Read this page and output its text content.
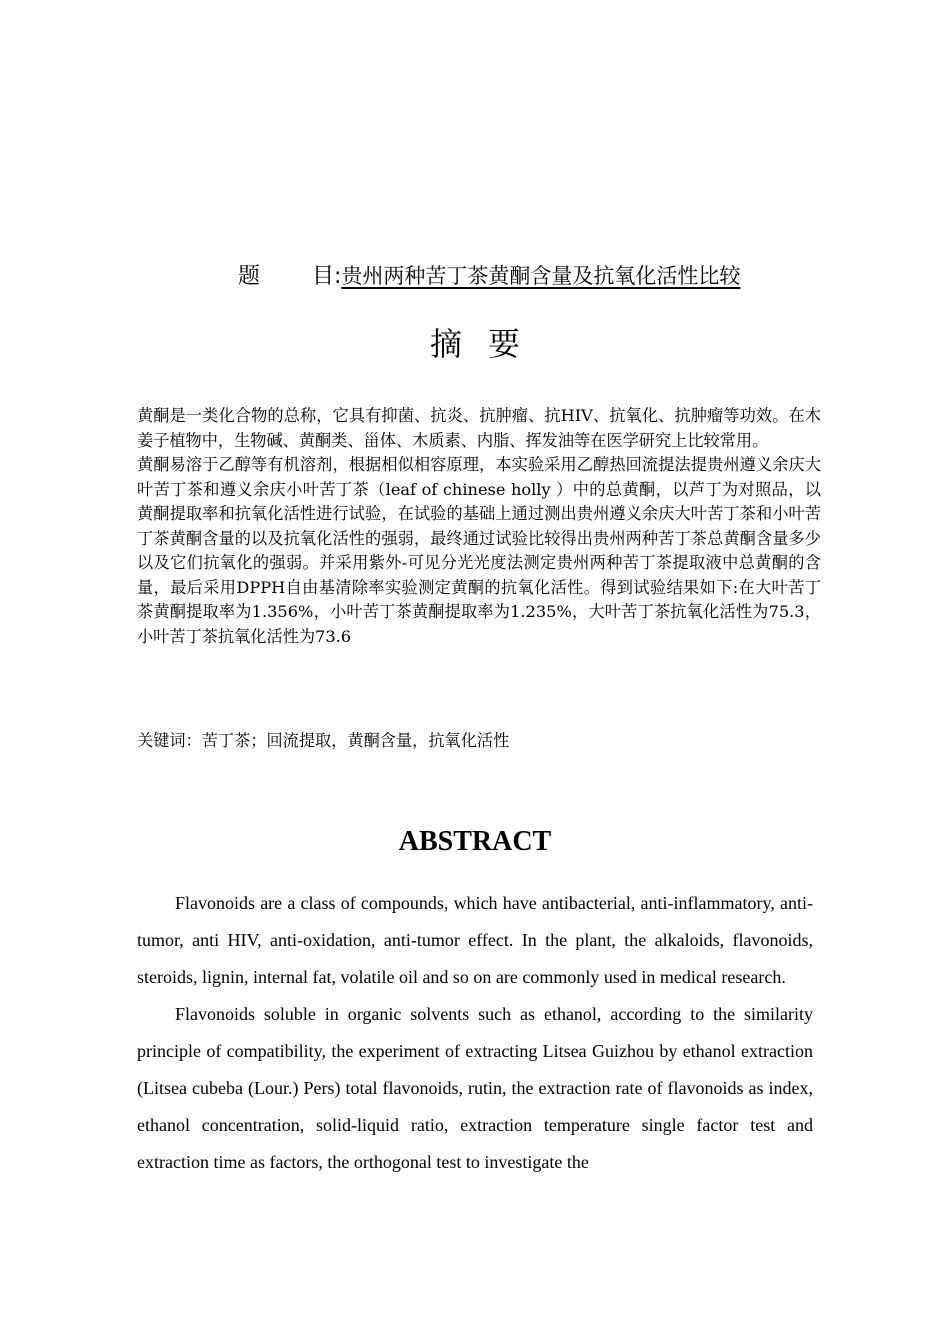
题 目:贵州两种苦丁茶黄酮含量及抗氧化活性比较
摘要

黄酮是一类化合物的总称，它具有抑菌、抗炎、抗肿瘤、抗HIV、抗氧化、抗肿瘤等功效。在木姜子植物中，生物碱、黄酮类、甾体、木质素、内脂、挥发油等在医学研究上比较常用。

黄酮易溶于乙醇等有机溶剂，根据相似相容原理，本实验采用乙醇热回流提法提贵州遵义余庆大叶苦丁茶和遵义余庆小叶苦丁茶（leaf of chinese holly ）中的总黄酮，以芦丁为对照品，以黄酮提取率和抗氧化活性进行试验，在试验的基础上通过测出贵州遵义余庆大叶苦丁茶和小叶苦丁茶黄酮含量的以及抗氧化活性的强弱，最终通过试验比较得出贵州两种苦丁茶总黄酮含量多少以及它们抗氧化的强弱。并采用紫外-可见分光光度法测定贵州两种苦丁茶提取液中总黄酮的含量，最后采用DPPH自由基清除率实验测定黄酮的抗氧化活性。得到试验结果如下:在大叶苦丁茶黄酮提取率为1.356%，小叶苦丁茶黄酮提取率为1.235%，大叶苦丁茶抗氧化活性为75.3，小叶苦丁茶抗氧化活性为73.6

关键词：苦丁茶；回流提取，黄酮含量，抗氧化活性
ABSTRACT

Flavonoids are a class of compounds, which have antibacterial, anti-inflammatory, anti-tumor, anti HIV, anti-oxidation, anti-tumor effect. In the plant, the alkaloids, flavonoids, steroids, lignin, internal fat, volatile oil and so on are commonly used in medical research.

Flavonoids soluble in organic solvents such as ethanol, according to the similarity principle of compatibility, the experiment of extracting Litsea Guizhou by ethanol extraction (Litsea cubeba (Lour.) Pers) total flavonoids, rutin, the extraction rate of flavonoids as index, ethanol concentration, solid-liquid ratio, extraction temperature single factor test and extraction time as factors, the orthogonal test to investigate the
